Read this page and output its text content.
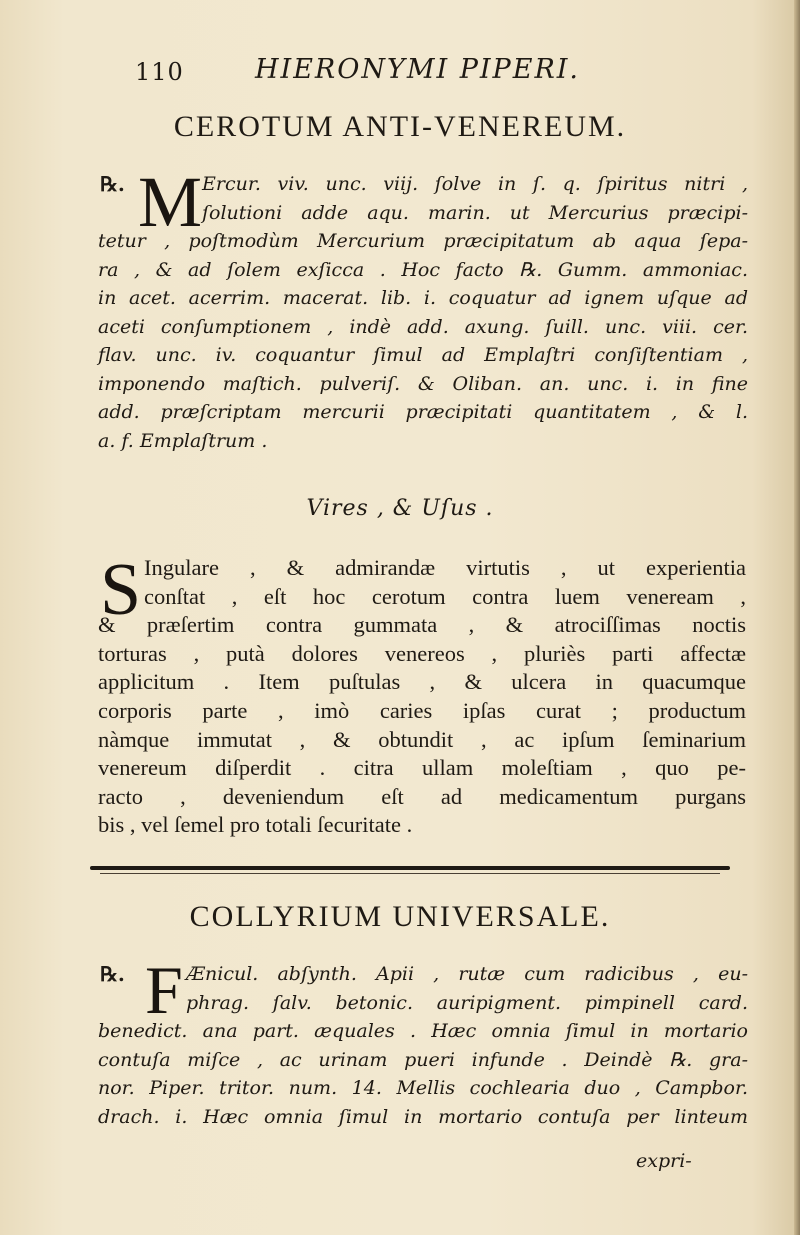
110	HIERONYMI PIPERI.
CEROTUM ANTI-VENEREUM.
℞. M Ercur. viv. unc. viij. ſolve in ſ. q. ſpiritus nitri ,
ſolutioni adde aqu. marin. ut Mercurius præcipi-
tetur , poſtmodùm Mercurium præcipitatum ab aqua ſepa-
ra , & ad ſolem exſicca . Hoc facto ℞. Gumm. ammoniac.
in acet. acerrim. macerat. lib. i. coquatur ad ignem uſque ad
aceti conſumptionem , indè add. axung. ſuill. unc. viii. cer.
flav. unc. iv. coquantur ſimul ad Emplaſtri conſiſtentiam ,
imponendo maſtich. pulveriſ. & Oliban. an. unc. i. in fine
add. præſcriptam mercurii præcipitati quantitatem , & l.
a. f. Emplaſtrum .
Vires , & Uſus .
S Ingulare , & admirandæ virtutis , ut experientia
conſtat , eſt hoc cerotum contra luem veneream ,
& præſertim contra gummata , & atrociſſimas noctis
torturas , putà dolores venereos , pluriès parti affectæ
applicitum . Item puſtulas , & ulcera in quacumque
corporis parte , imò caries ipſas curat ; productum
nàmque immutat , & obtundit , ac ipſum ſeminarium
venereum diſperdit . citra ullam moleſtiam , quo pe-
racto , deveniendum eſt ad medicamentum purgans
bis , vel ſemel pro totali ſecuritate .
COLLYRIUM UNIVERSALE.
℞. F Ænicul. abſynth. Apii , rutæ cum radicibus , eu-
phrag. ſalv. betonic. auripigment. pimpinell card.
benedict. ana part. æquales . Hæc omnia ſimul in mortario
contuſa miſce , ac urinam pueri infunde . Deindè ℞. gra-
nor. Piper. tritor. num. 14. Mellis cochlearia duo , Campbor.
drach. i. Hæc omnia ſimul in mortario contuſa per linteum
expri-
